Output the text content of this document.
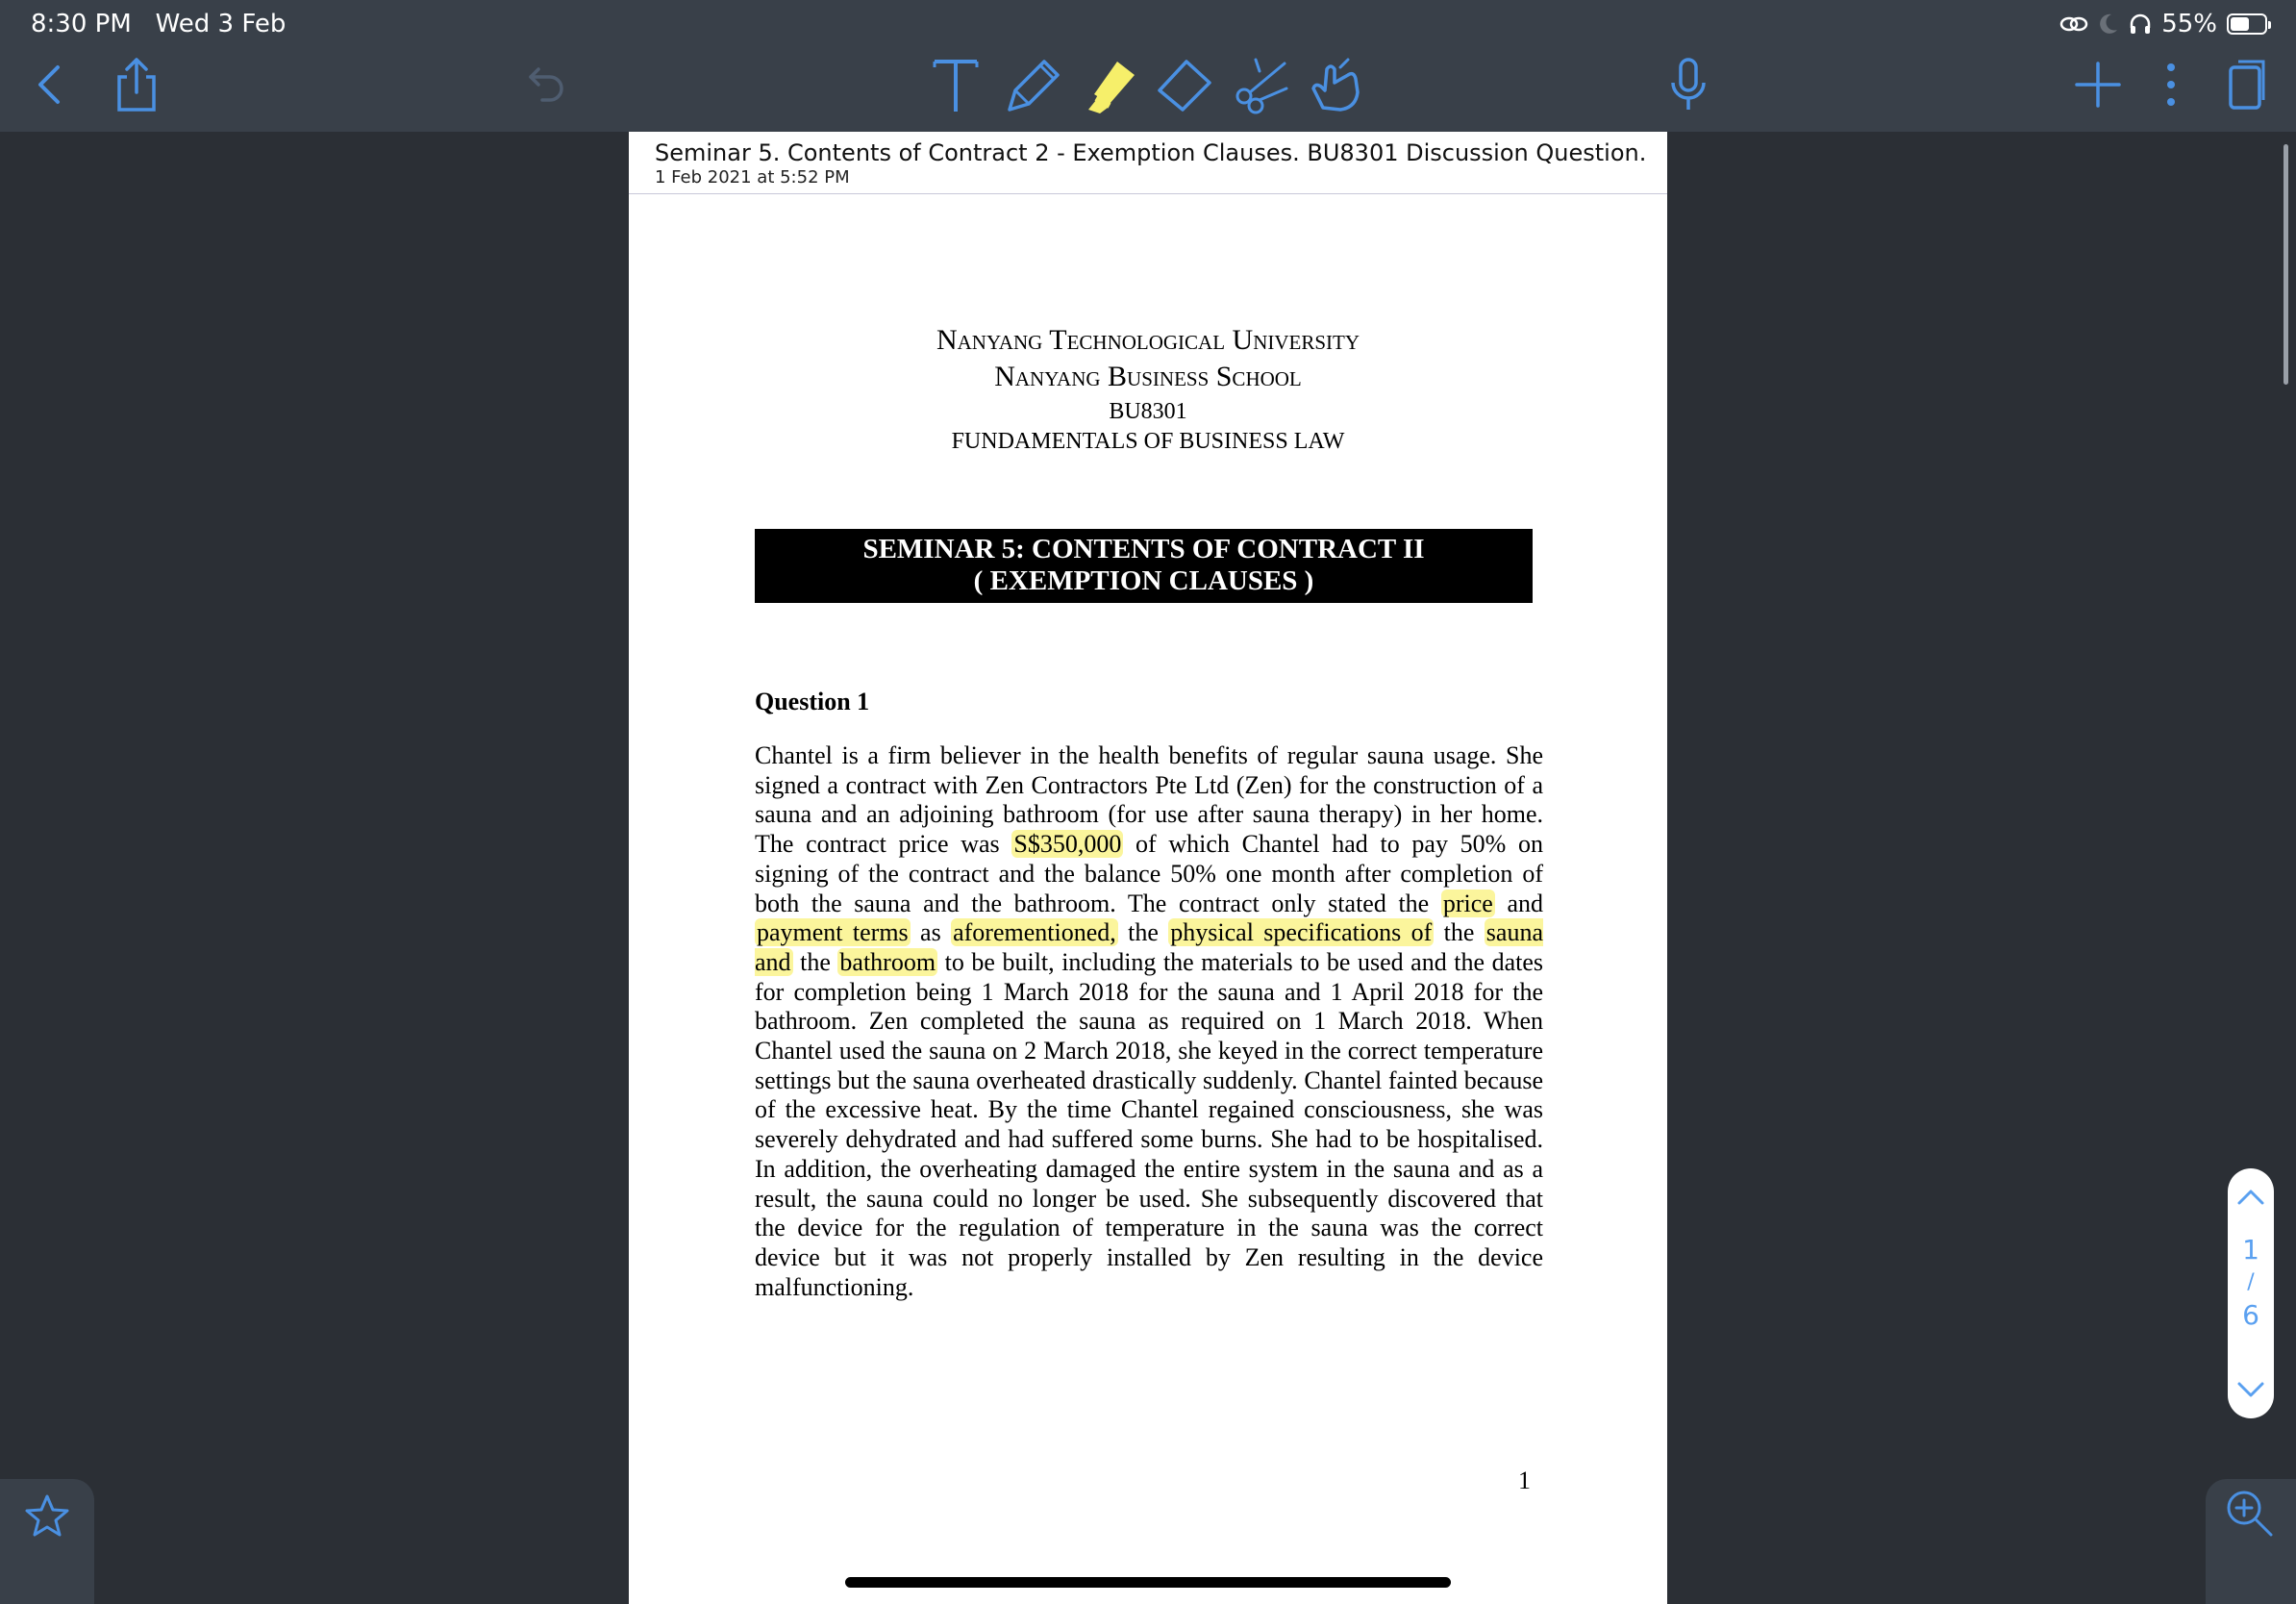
8:30 PM Wed 3 Feb	55%
Seminar 5. Contents of Contract 2 - Exemption Clauses. BU8301 Discussion Question.
1 Feb 2021 at 5:52 PM
Nanyang Technological University
Nanyang Business School
BU8301
FUNDAMENTALS OF BUSINESS LAW
SEMINAR 5: CONTENTS OF CONTRACT II
( EXEMPTION CLAUSES )
Question 1
Chantel is a firm believer in the health benefits of regular sauna usage. She signed a contract with Zen Contractors Pte Ltd (Zen) for the construction of a sauna and an adjoining bathroom (for use after sauna therapy) in her home. The contract price was S$350,000 of which Chantel had to pay 50% on signing of the contract and the balance 50% one month after completion of both the sauna and the bathroom. The contract only stated the price and payment terms as aforementioned, the physical specifications of the sauna and the bathroom to be built, including the materials to be used and the dates for completion being 1 March 2018 for the sauna and 1 April 2018 for the bathroom. Zen completed the sauna as required on 1 March 2018. When Chantel used the sauna on 2 March 2018, she keyed in the correct temperature settings but the sauna overheated drastically suddenly. Chantel fainted because of the excessive heat. By the time Chantel regained consciousness, she was severely dehydrated and had suffered some burns. She had to be hospitalised. In addition, the overheating damaged the entire system in the sauna and as a result, the sauna could no longer be used. She subsequently discovered that the device for the regulation of temperature in the sauna was the correct device but it was not properly installed by Zen resulting in the device malfunctioning.
1
1
/
6
